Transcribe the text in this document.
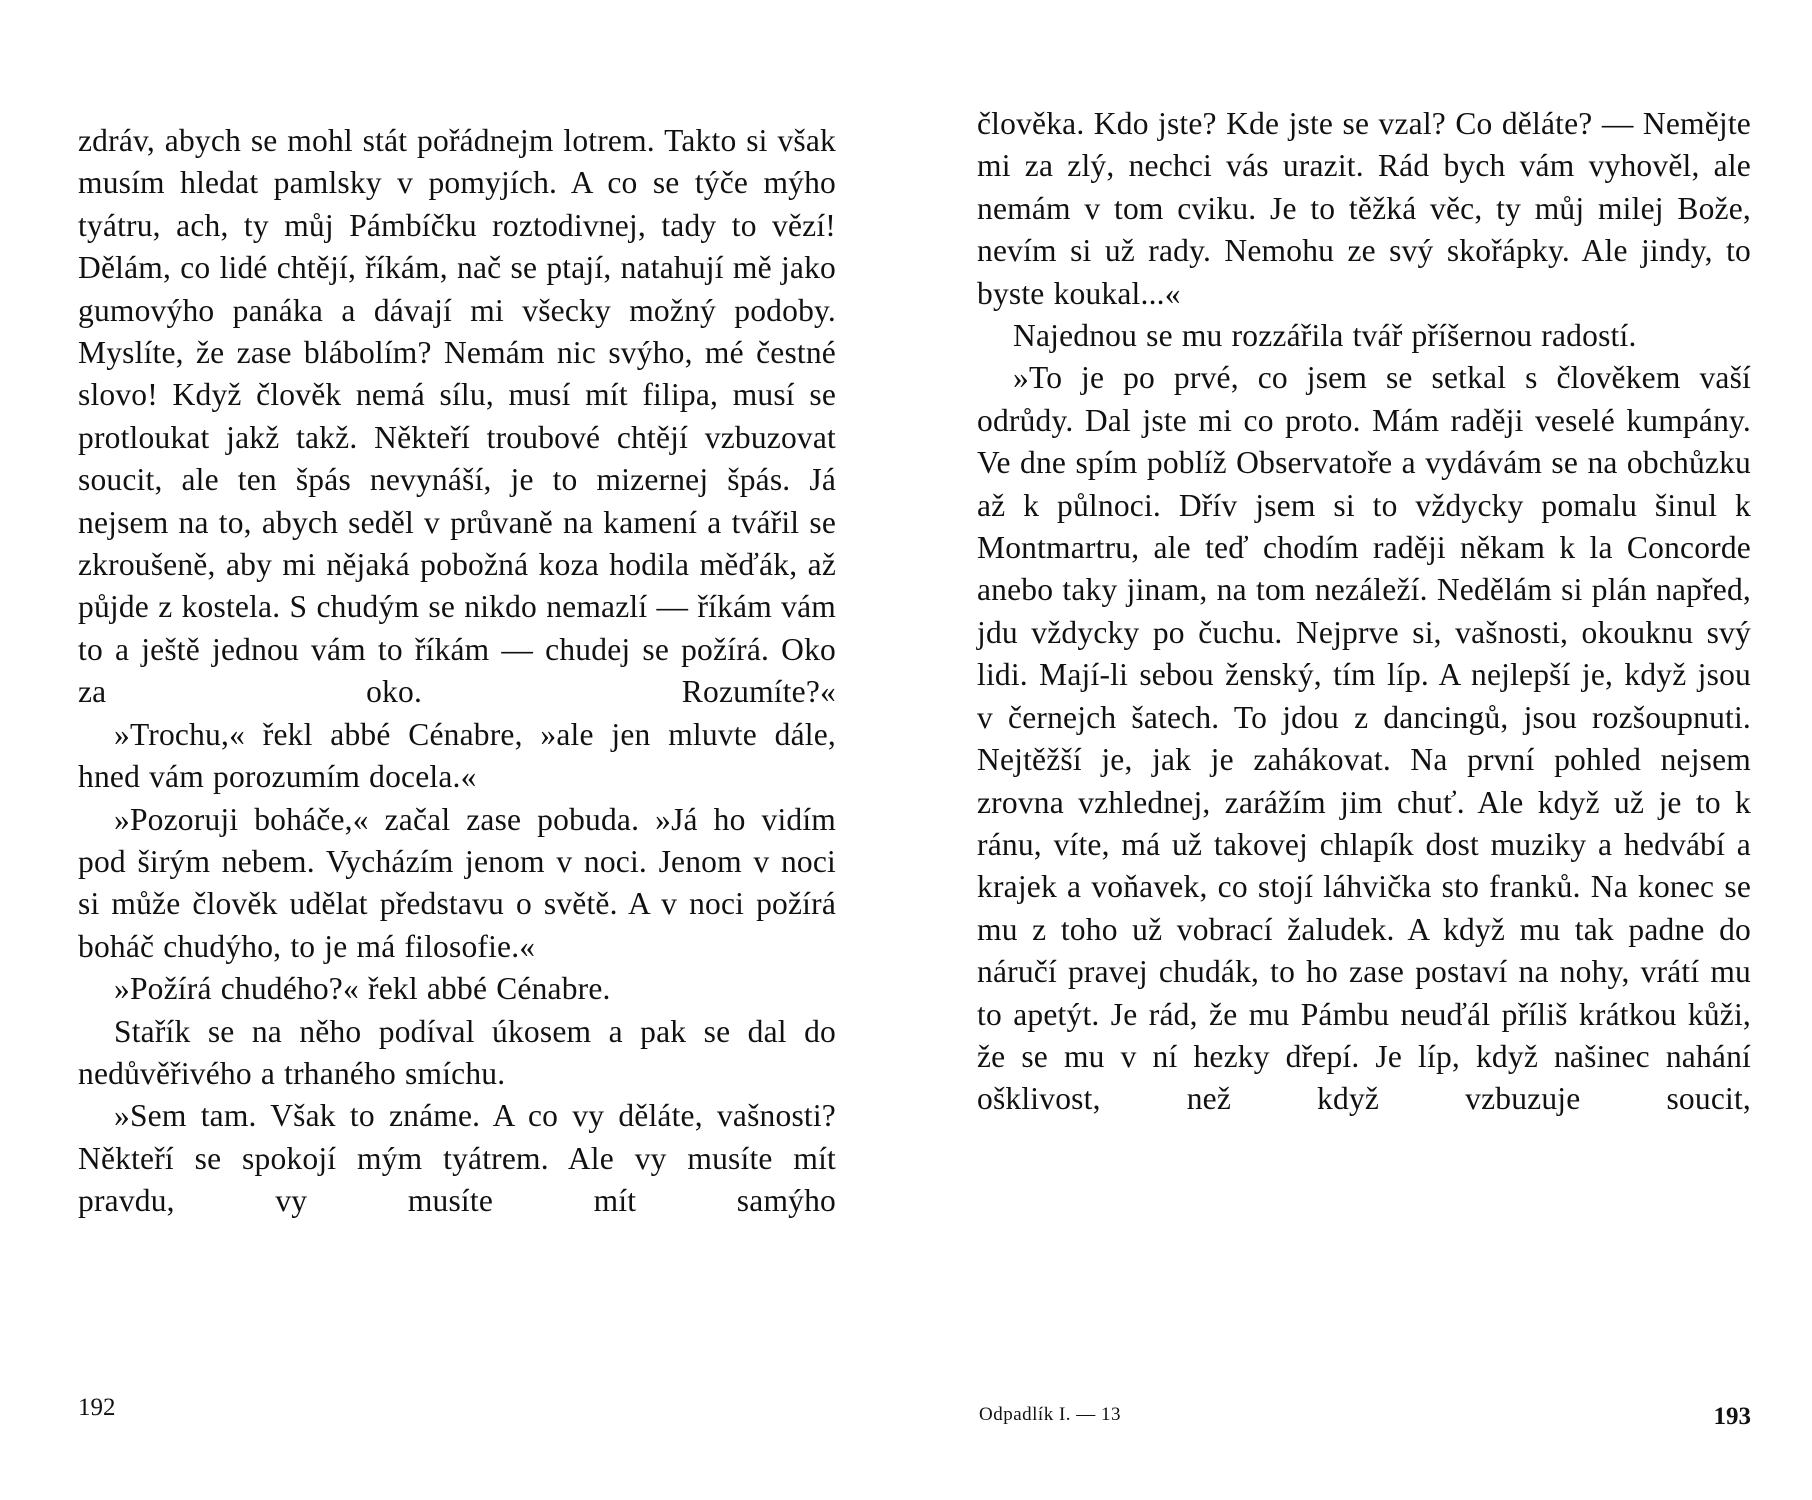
zdráv, abych se mohl stát pořádnejm lotrem. Takto si však musím hledat pamlsky v pomyjích. A co se týče mýho tyátru, ach, ty můj Pámbíčku roztodivnej, tady to vězí! Dělám, co lidé chtějí, říkám, nač se ptají, natahují mě jako gumovýho panáka a dávají mi všecky možný podoby. Myslíte, že zase blábolím? Nemám nic svýho, mé čestné slovo! Když člověk nemá sílu, musí mít filipa, musí se protloukat jakž takž. Někteří troubové chtějí vzbuzovat soucit, ale ten špás nevynáší, je to mizernej špás. Já nejsem na to, abych seděl v průvaně na kamení a tvářil se zkroušeně, aby mi nějaká pobožná koza hodila měďák, až půjde z kostela. S chudým se nikdo nemazlí — říkám vám to a ještě jednou vám to říkám — chudej se požírá. Oko za oko. Rozumíte?«

»Trochu,« řekl abbé Cénabre, »ale jen mluvte dále, hned vám porozumím docela.«

»Pozoruji boháče,« začal zase pobuda. »Já ho vidím pod širým nebem. Vycházím jenom v noci. Jenom v noci si může člověk udělat představu o světě. A v noci požírá boháč chudýho, to je má filosofie.«

»Požírá chudého?« řekl abbé Cénabre.

Stařík se na něho podíval úkosem a pak se dal do nedůvěřivého a trhaného smíchu.

»Sem tam. Však to známe. A co vy děláte, vašnosti? Někteří se spokojí mým tyátrem. Ale vy musíte mít pravdu, vy musíte mít samýho

192

člověka. Kdo jste? Kde jste se vzal? Co děláte? — Nemějte mi za zlý, nechci vás urazit. Rád bych vám vyhověl, ale nemám v tom cviku. Je to těžká věc, ty můj milej Bože, nevím si už rady. Nemohu ze svý skořápky. Ale jindy, to byste koukal...«

Najednou se mu rozzářila tvář příšernou radostí.

»To je po prvé, co jsem se setkal s člověkem vaší odrůdy. Dal jste mi co proto. Mám raději veselé kumpány. Ve dne spím poblíž Observatoře a vydávám se na obchůzku až k půlnoci. Dřív jsem si to vždycky pomalu šinul k Montmartru, ale teď chodím raději někam k la Concorde anebo taky jinam, na tom nezáleží. Nedělám si plán napřed, jdu vždycky po čuchu. Nejprve si, vašnosti, okouknu svý lidi. Mají-li sebou ženský, tím líp. A nejlepší je, když jsou v černejch šatech. To jdou z dancingů, jsou rozšoupnuti. Nejtěžší je, jak je zahákovat. Na první pohled nejsem zrovna vzhlednej, zarážím jim chuť. Ale když už je to k ránu, víte, má už takovej chlapík dost muziky a hedvábí a krajek a voňavek, co stojí láhvička sto franků. Na konec se mu z toho už vobrací žaludek. A když mu tak padne do náručí pravej chudák, to ho zase postaví na nohy, vrátí mu to apetýt. Je rád, že mu Pámbu neuďál příliš krátkou kůži, že se mu v ní hezky dřepí. Je líp, když našinec nahání ošklivost, než když vzbuzuje soucit,

Odpadlík I. — 13	193
